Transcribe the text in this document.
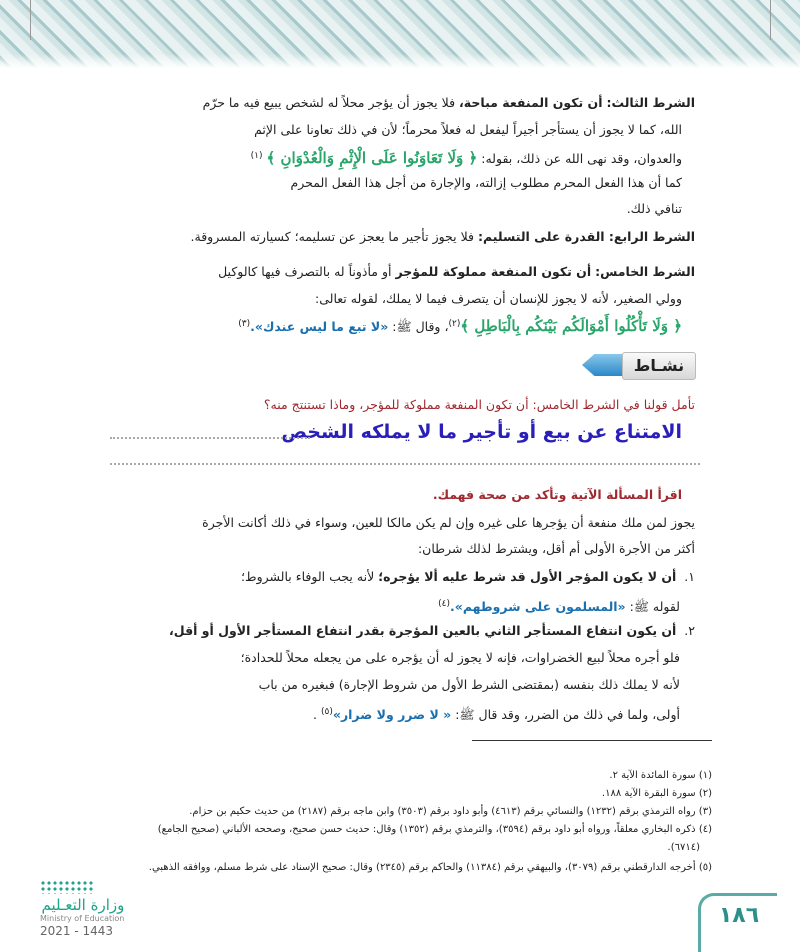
الشرط الثالث: أن تكون المنفعة مباحة، فلا يجوز أن يؤجر محلاً له لشخص يبيع فيه ما حرّم
الله، كما لا يجوز أن يستأجر أجيراً ليفعل له فعلاً محرماً؛ لأن في ذلك تعاونا على الإثم
والعدوان، وقد نهى الله عن ذلك، بقوله: ﴿ وَلَا تَعَاوَنُوا عَلَى الْإِثْمِ وَالْعُدْوَانِ ﴾ $^{(١)}$
كما أن هذا الفعل المحرم مطلوب إزالته، والإجارة من أجل هذا الفعل المحرم
تنافي ذلك.
الشرط الرابع: القدرة على التسليم: فلا يجوز تأجير ما يعجز عن تسليمه؛ كسيارته المسروقة.
الشرط الخامس: أن تكون المنفعة مملوكة للمؤجر أو مأذوناً له بالتصرف فيها كالوكيل
وولي الصغير، لأنه لا يجوز للإنسان أن يتصرف فيما لا يملك، لقوله تعالى:
﴿ وَلَا تَأْكُلُوا أَمْوَالَكُم بَيْنَكُم بِالْبَاطِلِ ﴾$^{(٢)}$، وقال ﷺ: «لا تبع ما ليس عندك».$^{(٣)}$
نشـاط
تأمل قولنا في الشرط الخامس: أن تكون المنفعة مملوكة للمؤجر، وماذا تستنتج منه؟
الامتناع عن بيع أو تأجير ما لا يملكه الشخص
اقرأ المسألة الآتية وتأكد من صحة فهمك.
يجوز لمن ملك منفعة أن يؤجرها على غيره وإن لم يكن مالكا للعين، وسواء في ذلك أكانت الأجرة
أكثر من الأجرة الأولى أم أقل، ويشترط لذلك شرطان:
١.  أن لا يكون المؤجر الأول قد شرط عليه ألا يؤجره؛ لأنه يجب الوفاء بالشروط؛
لقوله ﷺ: «المسلمون على شروطهم».$^{(٤)}$
٢.  أن يكون انتفاع المستأجر الثاني بالعين المؤجرة بقدر انتفاع المستأجر الأول أو أقل،
فلو أجره محلاً لبيع الخضراوات، فإنه لا يجوز له أن يؤجره على من يجعله محلاً للحدادة؛
لأنه لا يملك ذلك بنفسه (بمقتضى الشرط الأول من شروط الإجارة) فبغيره من باب
أولى، ولما في ذلك من الضرر، وقد قال ﷺ: « لا ضرر ولا ضرار»$^{(٥)}$ .
(١) سورة المائدة الآية ٢.
(٢) سورة البقرة الآية ١٨٨.
(٣) رواه الترمذي برقم (١٢٣٢) والنسائي برقم (٤٦١٣) وأبو داود برقم (٣٥٠٣) وابن ماجه برقم (٢١٨٧) من حديث حكيم بن حزام.
(٤) ذكره البخاري معلقاً، ورواه أبو داود برقم (٣٥٩٤)، والترمذي برقم (١٣٥٢) وقال: حديث حسن صحيح، وصححه الألباني (صحيح الجامع)
(٦٧١٤).
(٥) أخرجه الدارقطني برقم (٣٠٧٩)، والبيهقي برقم (١١٣٨٤) والحاكم برقم (٢٣٤٥) وقال: صحيح الإسناد على شرط مسلم، ووافقه الذهبي.
وزارة التعـليم
Ministry of Education
2021 - 1443
١٨٦
